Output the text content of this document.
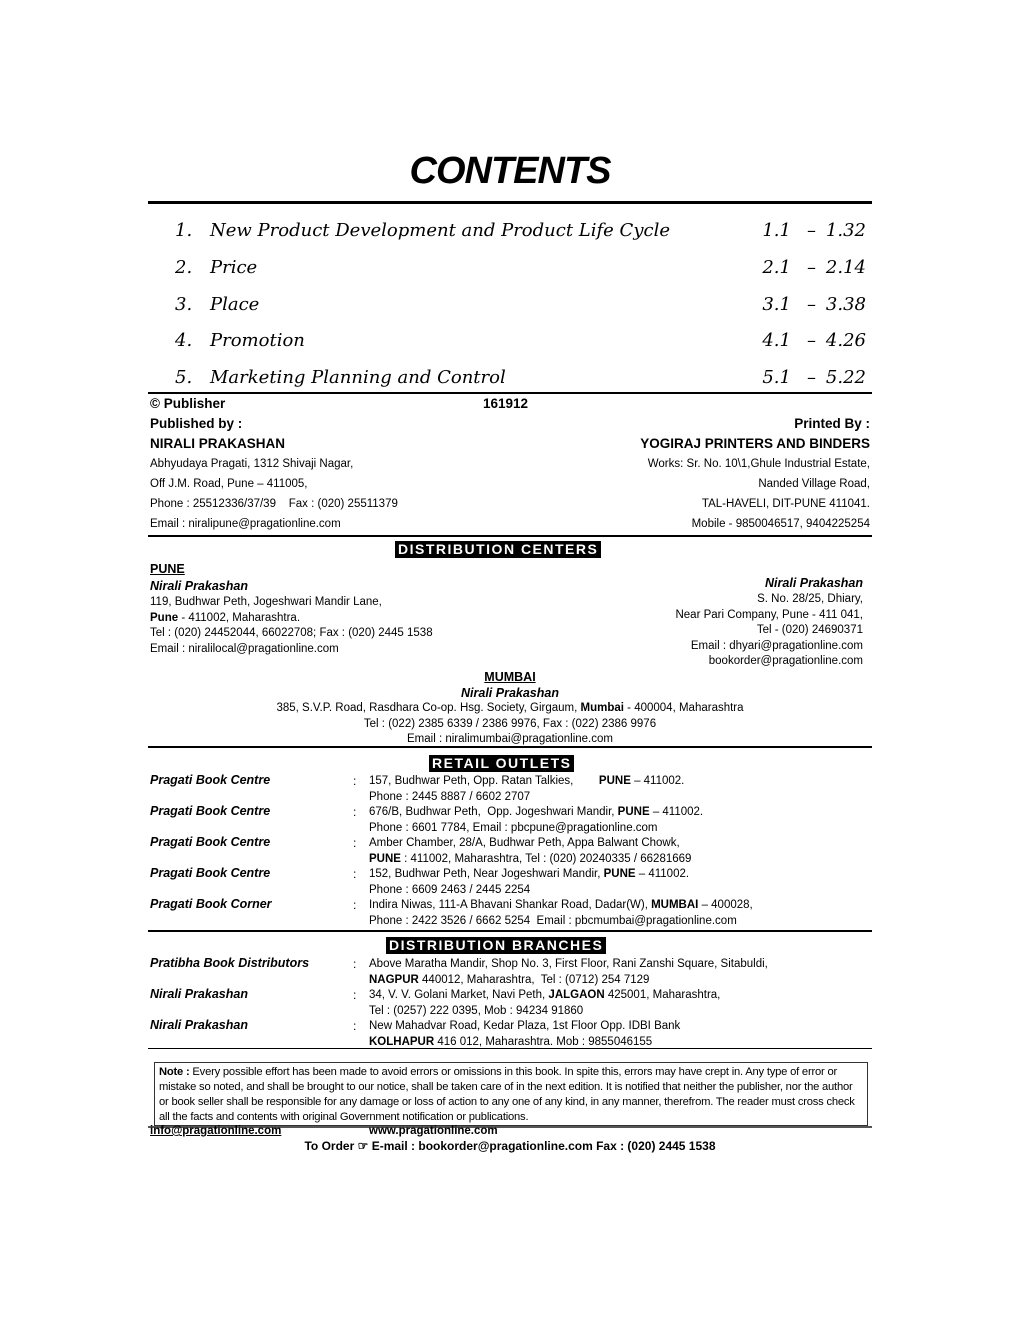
CONTENTS
1. New Product Development and Product Life Cycle	1.1 – 1.32
2. Price	2.1 – 2.14
3. Place	3.1 – 3.38
4. Promotion	4.1 – 4.26
5. Marketing Planning and Control	5.1 – 5.22
© Publisher	161912
Published by :
NIRALI PRAKASHAN
Abhyudaya Pragati, 1312 Shivaji Nagar,
Off J.M. Road, Pune – 411005,
Phone : 25512336/37/39    Fax : (020) 25511379
Email : niralipune@pragationline.com
Printed By :
YOGIRAJ PRINTERS AND BINDERS
Works: Sr. No. 10\1,Ghule Industrial Estate,
Nanded Village Road,
TAL-HAVELI, DIT-PUNE 411041.
Mobile - 9850046517, 9404225254
DISTRIBUTION CENTERS
PUNE
Nirali Prakashan
119, Budhwar Peth, Jogeshwari Mandir Lane,
Pune - 411002, Maharashtra.
Tel : (020) 24452044, 66022708; Fax : (020) 2445 1538
Email : niralilocal@pragationline.com
Nirali Prakashan
S. No. 28/25, Dhiary,
Near Pari Company, Pune - 411 041,
Tel - (020) 24690371
Email : dhyari@pragationline.com
bookorder@pragationline.com
MUMBAI
Nirali Prakashan
385, S.V.P. Road, Rasdhara Co-op. Hsg. Society, Girgaum, Mumbai - 400004, Maharashtra
Tel : (022) 2385 6339 / 2386 9976, Fax : (022) 2386 9976
Email : niralimumbai@pragationline.com
RETAIL OUTLETS
Pragati Book Centre	: 157, Budhwar Peth, Opp. Ratan Talkies,        PUNE – 411002.
Phone : 2445 8887 / 6602 2707
Pragati Book Centre	: 676/B, Budhwar Peth,  Opp. Jogeshwari Mandir, PUNE – 411002.
Phone : 6601 7784, Email : pbcpune@pragationline.com
Pragati Book Centre	: Amber Chamber, 28/A, Budhwar Peth, Appa Balwant Chowk,
PUNE : 411002, Maharashtra, Tel : (020) 20240335 / 66281669
Pragati Book Centre	: 152, Budhwar Peth, Near Jogeshwari Mandir, PUNE – 411002.
Phone : 6609 2463 / 2445 2254
Pragati Book Corner	: Indira Niwas, 111-A Bhavani Shankar Road, Dadar(W), MUMBAI – 400028,
Phone : 2422 3526 / 6662 5254  Email : pbcmumbai@pragationline.com
DISTRIBUTION BRANCHES
Pratibha Book Distributors	: Above Maratha Mandir, Shop No. 3, First Floor, Rani Zanshi Square, Sitabuldi,
NAGPUR 440012, Maharashtra,  Tel : (0712) 254 7129
Nirali Prakashan	: 34, V. V. Golani Market, Navi Peth, JALGAON 425001, Maharashtra,
Tel : (0257) 222 0395, Mob : 94234 91860
Nirali Prakashan	: New Mahadvar Road, Kedar Plaza, 1st Floor Opp. IDBI Bank
KOLHAPUR 416 012, Maharashtra. Mob : 9855046155
Note : Every possible effort has been made to avoid errors or omissions in this book. In spite this, errors may have crept in. Any type of error or mistake so noted, and shall be brought to our notice, shall be taken care of in the next edition. It is notified that neither the publisher, nor the author or book seller shall be responsible for any damage or loss of action to any one of any kind, in any manner, therefrom. The reader must cross check all the facts and contents with original Government notification or publications.
info@pragationline.com	www.pragationline.com
To Order ☞ E-mail : bookorder@pragationline.com Fax : (020) 2445 1538
